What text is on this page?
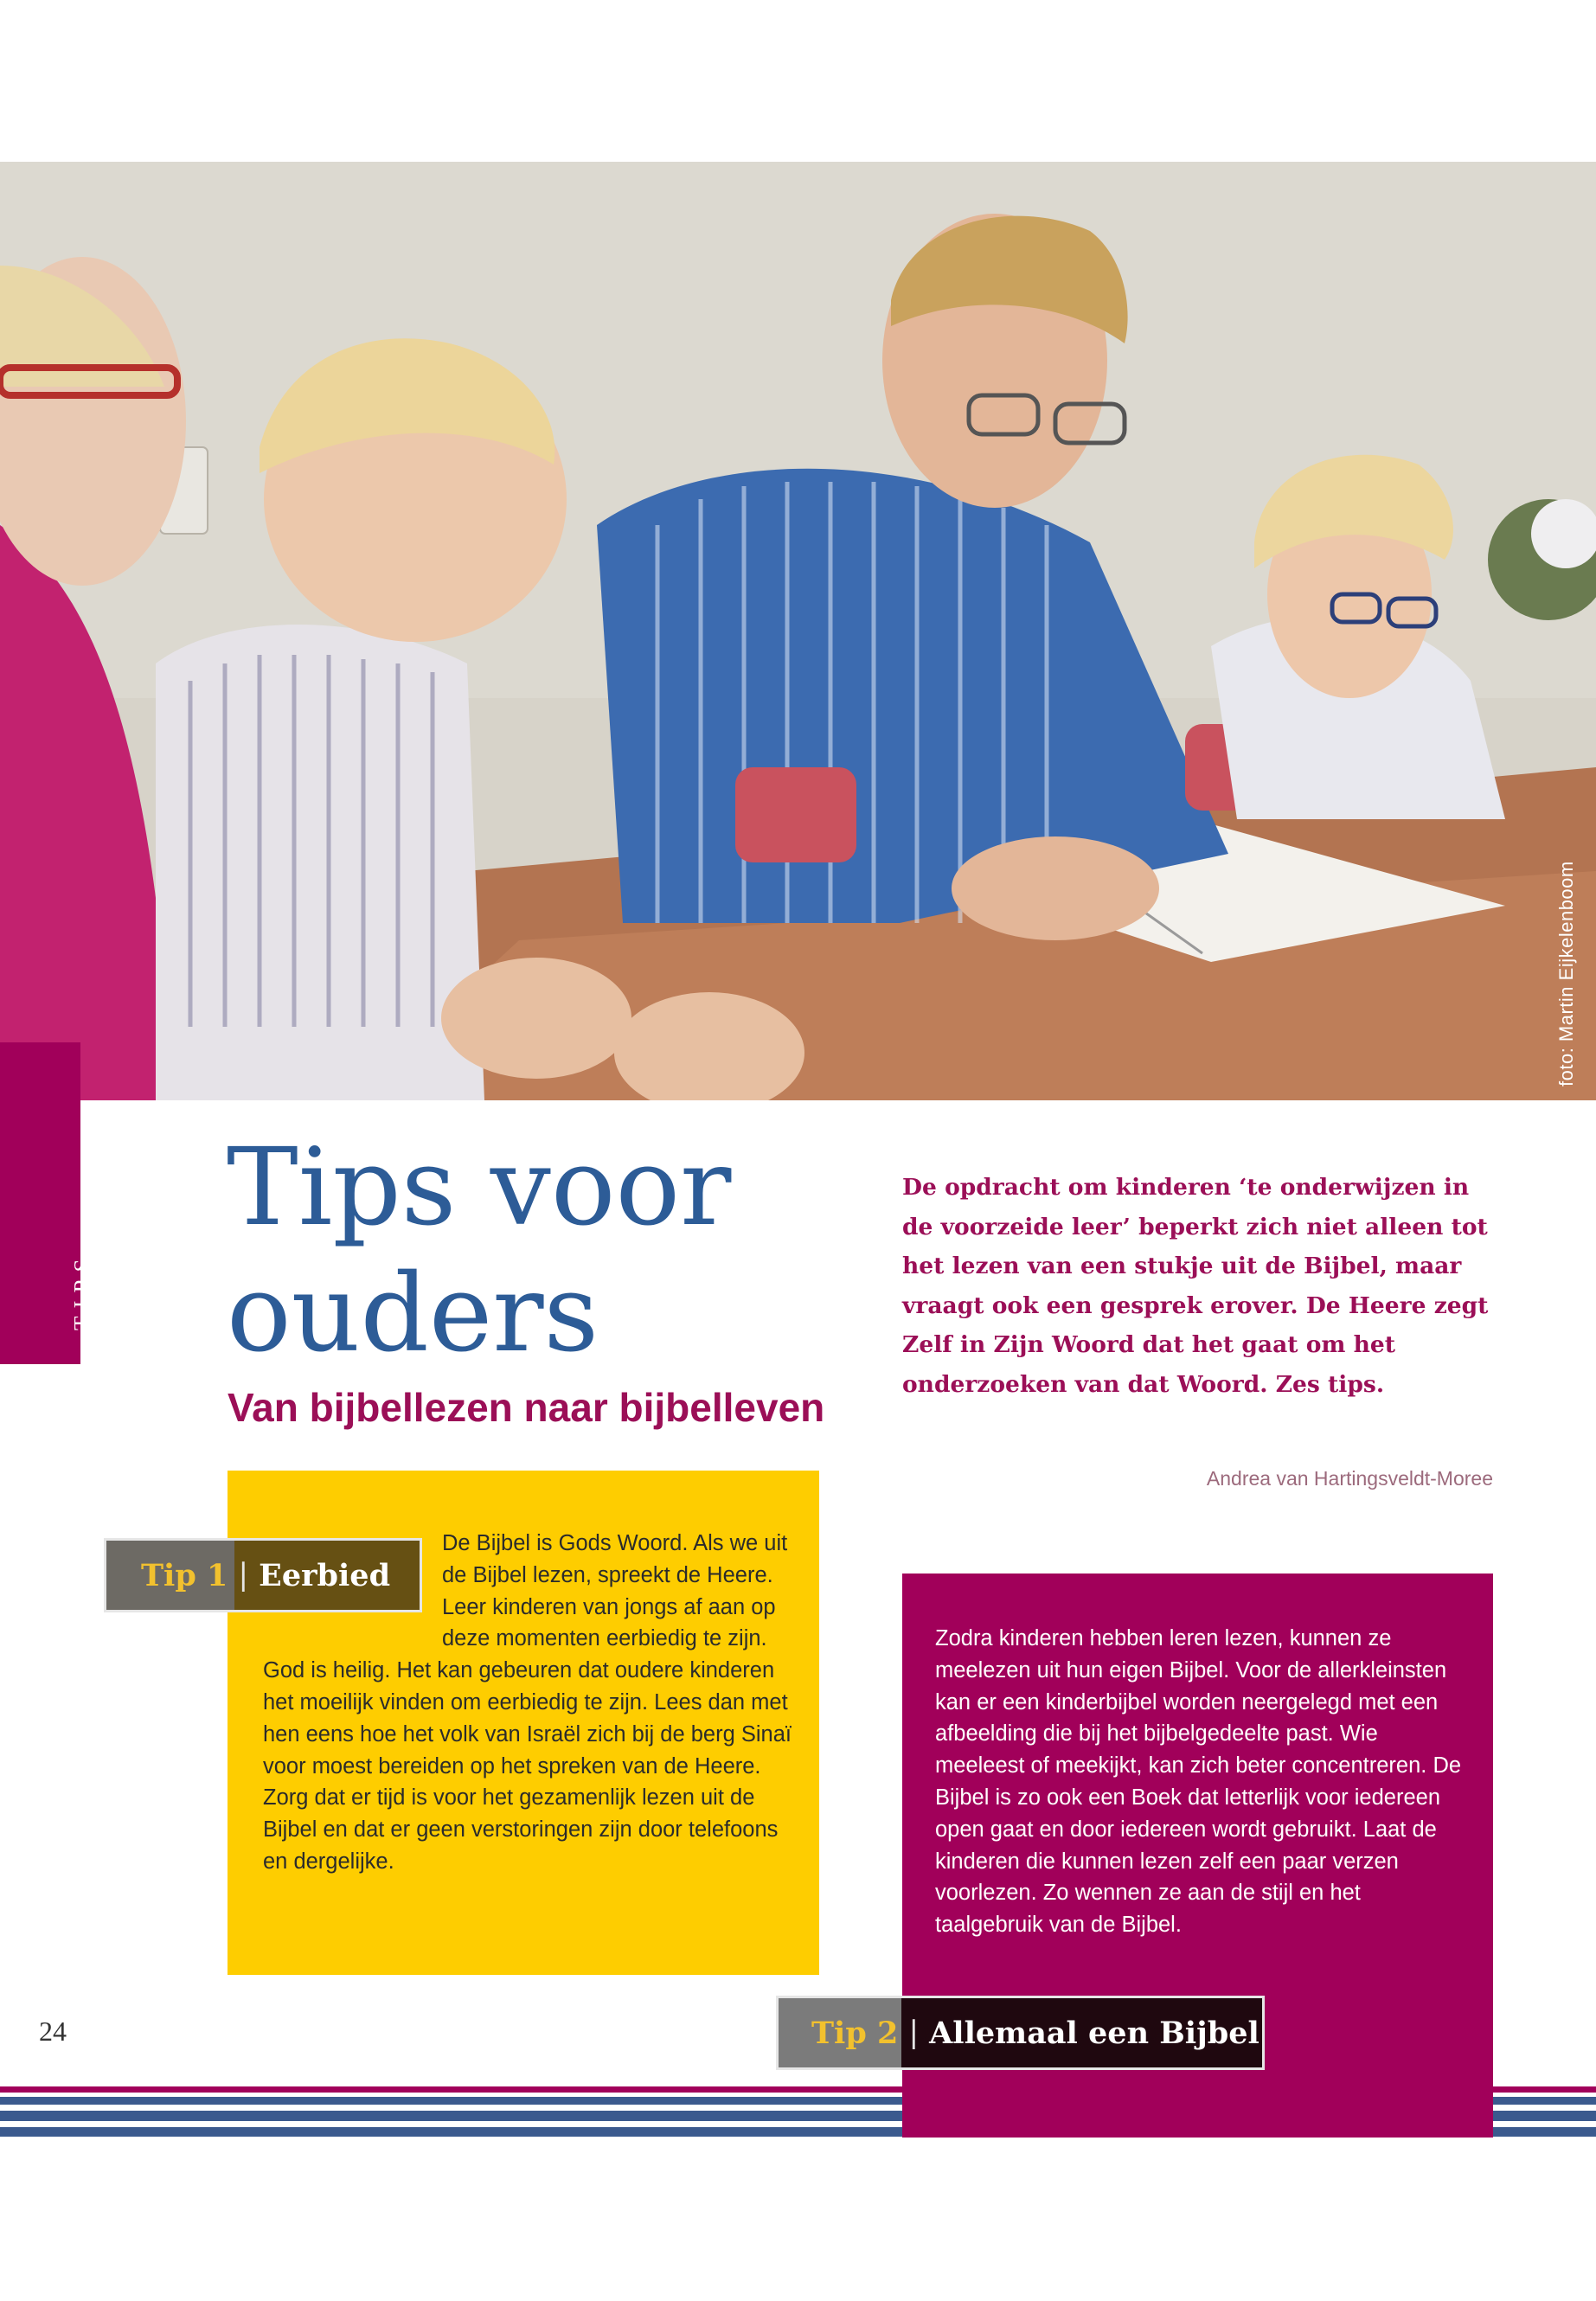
foto: Martin Eijkelenboom
TIPS
Tips voor
ouders
Van bijbellezen naar bijbelleven
De opdracht om kinderen ‘te onderwijzen in de voorzeide leer’ beperkt zich niet alleen tot het lezen van een stukje uit de Bijbel, maar vraagt ook een gesprek erover. De Heere zegt Zelf in Zijn Woord dat het gaat om het onderzoeken van dat Woord. Zes tips.
Andrea van Hartingsveldt-Moree
De Bijbel is Gods Woord. Als we uit de Bijbel lezen, spreekt de Heere. Leer kinderen van jongs af aan op deze momenten eerbiedig te zijn. God is heilig. Het kan gebeuren dat oudere kinderen het moeilijk vinden om eerbiedig te zijn. Lees dan met hen eens hoe het volk van Israël zich bij de berg Sinaï voor moest bereiden op het spreken van de Heere. Zorg dat er tijd is voor het gezamenlijk lezen uit de Bijbel en dat er geen verstoringen zijn door telefoons en dergelijke.
Tip 1 | Eerbied
Zodra kinderen hebben leren lezen, kunnen ze meelezen uit hun eigen Bijbel. Voor de allerkleinsten kan er een kinderbijbel worden neergelegd met een afbeelding die bij het bijbelgedeelte past. Wie meeleest of meekijkt, kan zich beter concentreren. De Bijbel is zo ook een Boek dat letterlijk voor iedereen open gaat en door iedereen wordt gebruikt. Laat de kinderen die kunnen lezen zelf een paar verzen voorlezen. Zo wennen ze aan de stijl en het taalgebruik van de Bijbel.
Tip 2 | Allemaal een Bijbel
24
